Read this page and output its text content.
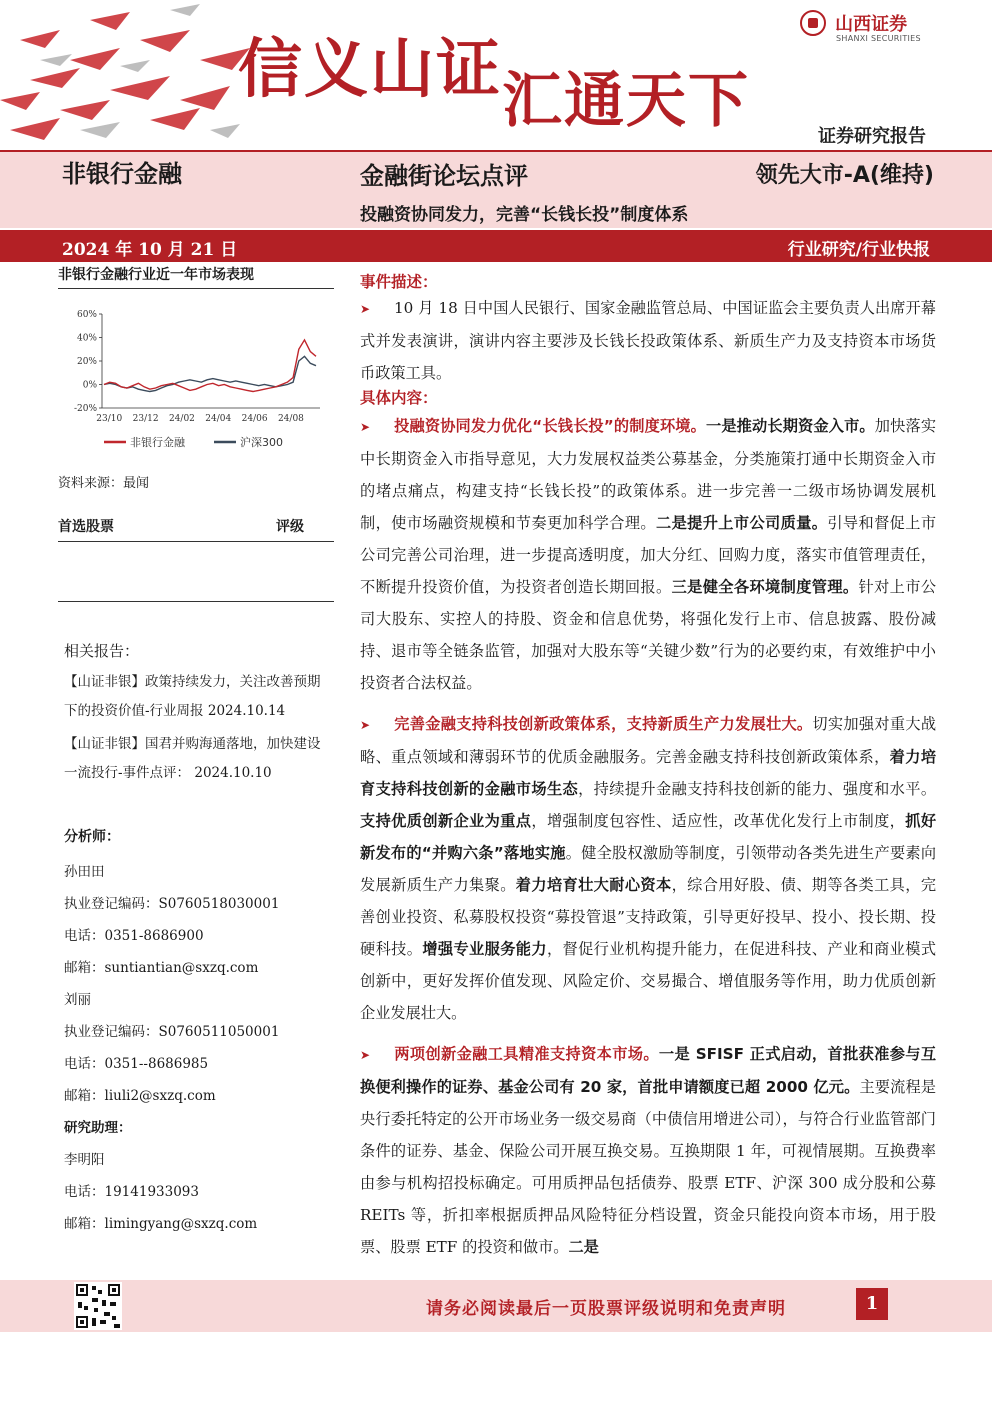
信义山证汇通天下
山西证券
SHANXI SECURITIES
证券研究报告
非银行金融	金融街论坛点评	领先大市-A(维持)
投融资协同发力，完善“长钱长投”制度体系
2024 年 10 月 21 日	行业研究/行业快报
非银行金融行业近一年市场表现
60%
40%
20%
0%
-20%
23/10 23/12 24/02 24/04 24/06 24/08
非银行金融	沪深300
资料来源：最闻
首选股票	评级
相关报告：
【山证非银】政策持续发力，关注改善预期下的投资价值-行业周报 2024.10.14
【山证非银】国君并购海通落地，加快建设一流投行-事件点评： 2024.10.10
分析师：
孙田田
执业登记编码：S0760518030001
电话：0351-8686900
邮箱：suntiantian@sxzq.com
刘丽
执业登记编码：S0760511050001
电话：0351--8686985
邮箱：liuli2@sxzq.com
研究助理：
李明阳
电话：19141933093
邮箱：limingyang@sxzq.com
事件描述：
➤ 10 月 18 日中国人民银行、国家金融监管总局、中国证监会主要负责人出席开幕式并发表演讲，演讲内容主要涉及长钱长投政策体系、新质生产力及支持资本市场货币政策工具。
具体内容：
➤ 投融资协同发力优化“长钱长投”的制度环境。一是推动长期资金入市。加快落实中长期资金入市指导意见，大力发展权益类公募基金，分类施策打通中长期资金入市的堵点痛点，构建支持“长钱长投”的政策体系。进一步完善一二级市场协调发展机制，使市场融资规模和节奏更加科学合理。二是提升上市公司质量。引导和督促上市公司完善公司治理，进一步提高透明度，加大分红、回购力度，落实市值管理责任，不断提升投资价值，为投资者创造长期回报。三是健全各环境制度管理。针对上市公司大股东、实控人的持股、资金和信息优势，将强化发行上市、信息披露、股份减持、退市等全链条监管，加强对大股东等“关键少数”行为的必要约束，有效维护中小投资者合法权益。
➤ 完善金融支持科技创新政策体系，支持新质生产力发展壮大。切实加强对重大战略、重点领域和薄弱环节的优质金融服务。完善金融支持科技创新政策体系，着力培育支持科技创新的金融市场生态，持续提升金融支持科技创新的能力、强度和水平。支持优质创新企业为重点，增强制度包容性、适应性，改革优化发行上市制度，抓好新发布的“并购六条”落地实施。健全股权激励等制度，引领带动各类先进生产要素向发展新质生产力集聚。着力培育壮大耐心资本，综合用好股、债、期等各类工具，完善创业投资、私募股权投资“募投管退”支持政策，引导更好投早、投小、投长期、投硬科技。增强专业服务能力，督促行业机构提升能力，在促进科技、产业和商业模式创新中，更好发挥价值发现、风险定价、交易撮合、增值服务等作用，助力优质创新企业发展壮大。
➤ 两项创新金融工具精准支持资本市场。一是 SFISF 正式启动，首批获准参与互换便利操作的证券、基金公司有 20 家，首批申请额度已超 2000 亿元。主要流程是央行委托特定的公开市场业务一级交易商（中债信用增进公司），与符合行业监管部门条件的证券、基金、保险公司开展互换交易。互换期限 1 年，可视情展期。互换费率由参与机构招投标确定。可用质押品包括债券、股票 ETF、沪深 300 成分股和公募 REITs 等，折扣率根据质押品风险特征分档设置，资金只能投向资本市场，用于股票、股票 ETF 的投资和做市。二是
请务必阅读最后一页股票评级说明和免责声明	1
